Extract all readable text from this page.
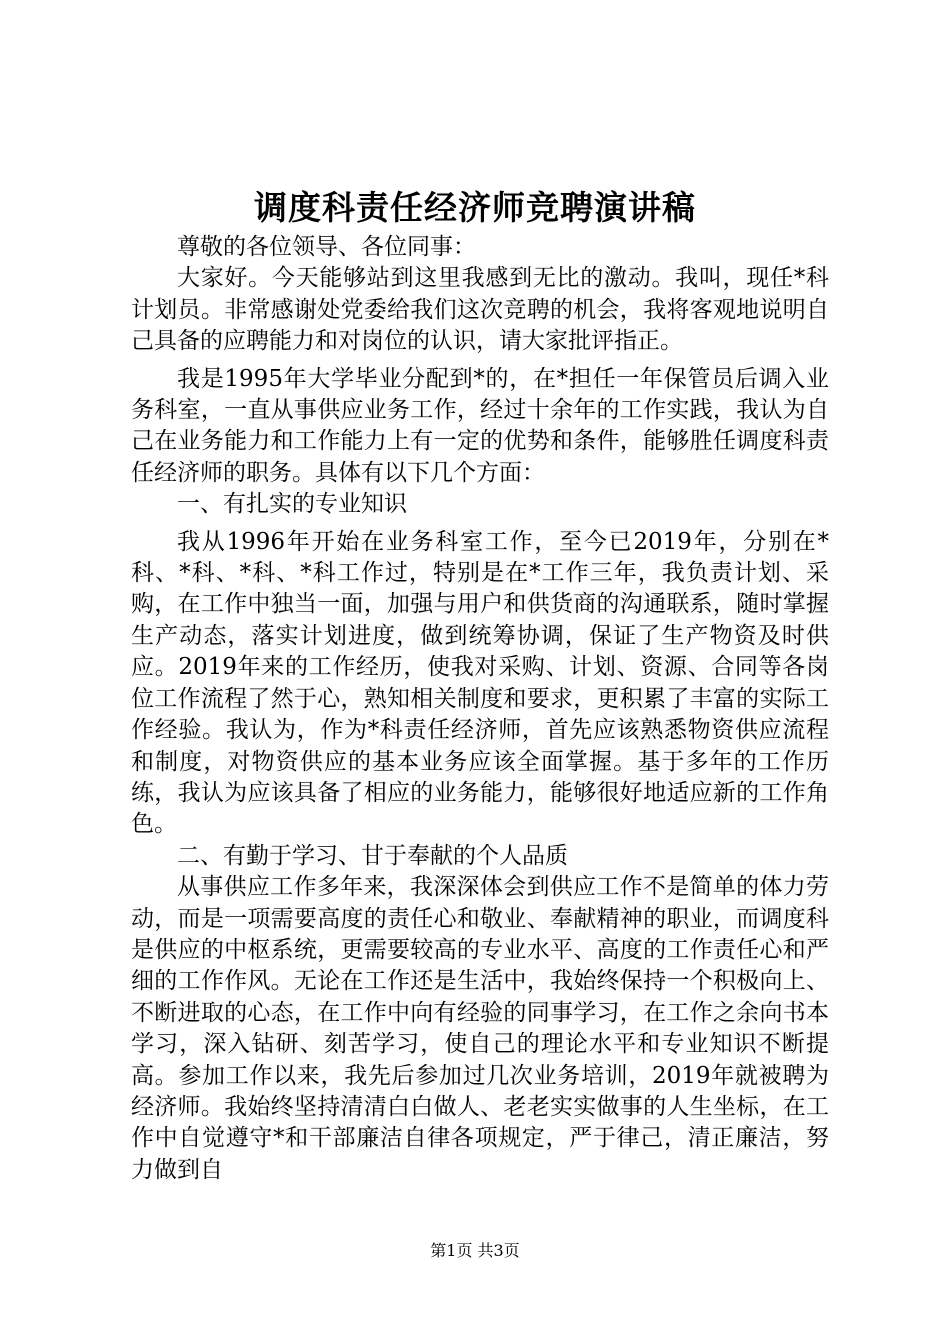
调度科责任经济师竞聘演讲稿

尊敬的各位领导、各位同事：

大家好。今天能够站到这里我感到无比的激动。我叫，现任*科计划员。非常感谢处党委给我们这次竞聘的机会，我将客观地说明自己具备的应聘能力和对岗位的认识，请大家批评指正。

我是1995年大学毕业分配到*的，在*担任一年保管员后调入业务科室，一直从事供应业务工作，经过十余年的工作实践，我认为自己在业务能力和工作能力上有一定的优势和条件，能够胜任调度科责任经济师的职务。具体有以下几个方面：

一、有扎实的专业知识

我从1996年开始在业务科室工作，至今已2019年，分别在*科、*科、*科、*科工作过，特别是在*工作三年，我负责计划、采购，在工作中独当一面，加强与用户和供货商的沟通联系，随时掌握生产动态，落实计划进度，做到统筹协调，保证了生产物资及时供应。2019年来的工作经历，使我对采购、计划、资源、合同等各岗位工作流程了然于心，熟知相关制度和要求，更积累了丰富的实际工作经验。我认为，作为*科责任经济师，首先应该熟悉物资供应流程和制度，对物资供应的基本业务应该全面掌握。基于多年的工作历练，我认为应该具备了相应的业务能力，能够很好地适应新的工作角色。

二、有勤于学习、甘于奉献的个人品质

从事供应工作多年来，我深深体会到供应工作不是简单的体力劳动，而是一项需要高度的责任心和敬业、奉献精神的职业，而调度科是供应的中枢系统，更需要较高的专业水平、高度的工作责任心和严细的工作作风。无论在工作还是生活中，我始终保持一个积极向上、不断进取的心态，在工作中向有经验的同事学习，在工作之余向书本学习，深入钻研、刻苦学习，使自己的理论水平和专业知识不断提高。参加工作以来，我先后参加过几次业务培训，2019年就被聘为经济师。我始终坚持清清白白做人、老老实实做事的人生坐标，在工作中自觉遵守*和干部廉洁自律各项规定，严于律己，清正廉洁，努力做到自

第1页 共3页
